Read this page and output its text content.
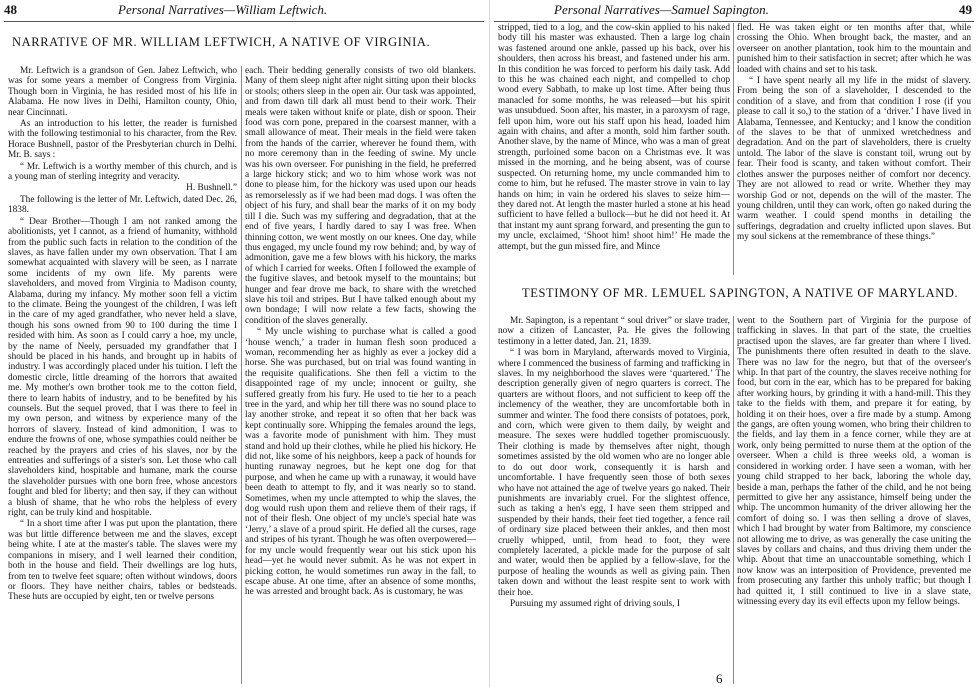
48	Personal Narratives—William Leftwich.
NARRATIVE OF MR. WILLIAM LEFTWICH, A NATIVE OF VIRGINIA.

Mr. Leftwich is a grandson of Gen. Jabez Leftwich, who was for some years a member of Congress from Virginia. Though born in Virginia, he has resided most of his life in Alabama. He now lives in Delhi, Hamilton county, Ohio, near Cincinnati.

As an introduction to his letter, the reader is furnished with the following testimonial to his character, from the Rev. Horace Bushnell, pastor of the Presbyterian church in Delhi. Mr. B. says :

“ Mr. Leftwich is a worthy member of this church, and is a young man of sterling integrity and veracity.

H. Bushnell.”

The following is the letter of Mr. Leftwich, dated Dec. 26, 1838.

“ Dear Brother—Though I am not ranked among the abolitionists, yet I cannot, as a friend of humanity, withhold from the public such facts in relation to the condition of the slaves, as have fallen under my own observation. That I am somewhat acquainted with slavery will be seen, as I narrate some incidents of my own life. My parents were slaveholders, and moved from Virginia to Madison county, Alabama, during my infancy. My mother soon fell a victim to the climate. Being the youngest of the children, I was left in the care of my aged grandfather, who never held a slave, though his sons owned from 90 to 100 during the time I resided with him. As soon as I could carry a hoe, my uncle, by the name of Neely, persuaded my grandfather that I should be placed in his hands, and brought up in habits of industry. I was accordingly placed under his tuition. I left the domestic circle, little dreaming of the horrors that awaited me. My mother's own brother took me to the cotton field, there to learn habits of industry, and to be benefited by his counsels. But the sequel proved, that I was there to feel in my own person, and witness by experience many of the horrors of slavery. Instead of kind admonition, I was to endure the frowns of one, whose sympathies could neither be reached by the prayers and cries of his slaves, nor by the entreaties and sufferings of a sister's son. Let those who call slaveholders kind, hospitable and humane, mark the course the slaveholder pursues with one born free, whose ancestors fought and bled for liberty; and then say, if they can without a blush of shame, that he who robs the helpless of every right, can be truly kind and hospitable.

“ In a short time after I was put upon the plantation, there was but little difference between me and the slaves, except being white. I ate at the master's table. The slaves were my companions in misery, and I well learned their condition, both in the house and field. Their dwellings are log huts, from ten to twelve feet square; often without windows, doors or floors. They have neither chairs, tables or bedsteads. These huts are occupied by eight, ten or twelve persons

each. Their bedding generally consists of two old blankets. Many of them sleep night after night sitting upon their blocks or stools; others sleep in the open air. Our task was appointed, and from dawn till dark all must bend to their work. Their meals were taken without knife or plate, dish or spoon. Their food was corn pone, prepared in the coarsest manner, with a small allowance of meat. Their meals in the field were taken from the hands of the carrier, wherever he found them, with no more ceremony than in the feeding of swine. My uncle was his own overseer. For punishing in the field, he preferred a large hickory stick; and wo to him whose work was not done to please him, for the hickory was used upon our heads as remorselessly as if we had been mad dogs. I was often the object of his fury, and shall bear the marks of it on my body till I die. Such was my suffering and degradation, that at the end of five years, I hardly dared to say I was free. When thinning cotton, we went mostly on our knees. One day, while thus engaged, my uncle found my row behind; and, by way of admonition, gave me a few blows with his hickory, the marks of which I carried for weeks. Often I followed the example of the fugitive slaves, and betook myself to the mountains; but hunger and fear drove me back, to share with the wretched slave his toil and stripes. But I have talked enough about my own bondage; I will now relate a few facts, showing the condition of the slaves generally.

“ My uncle wishing to purchase what is called a good ‘house wench,’ a trader in human flesh soon produced a woman, recommending her as highly as ever a jockey did a horse. She was purchased, but on trial was found wanting in the requisite qualifications. She then fell a victim to the disappointed rage of my uncle; innocent or guilty, she suffered greatly from his fury. He used to tie her to a peach tree in the yard, and whip her till there was no sound place to lay another stroke, and repeat it so often that her back was kept continually sore. Whipping the females around the legs, was a favorite mode of punishment with him. They must stand and hold up their clothes, while he plied his hickory. He did not, like some of his neighbors, keep a pack of hounds for hunting runaway negroes, but he kept one dog for that purpose, and when he came up with a runaway, it would have been death to attempt to fly, and it was nearly so to stand. Sometimes, when my uncle attempted to whip the slaves, the dog would rush upon them and relieve them of their rags, if not of their flesh. One object of my uncle's special hate was ‘Jerry,’ a slave of a proud spirit. He defied all the curses, rage and stripes of his tyrant. Though he was often overpowered—for my uncle would frequently wear out his stick upon his head—yet he would never submit. As he was not expert in picking cotton, he would sometimes run away in the fall, to escape abuse. At one time, after an absence of some months, he was arrested and brought back. As is customary, he was

Personal Narratives—Samuel Sapington.	49

stripped, tied to a log, and the cow-skin applied to his naked body till his master was exhausted. Then a large log chain was fastened around one ankle, passed up his back, over his shoulders, then across his breast, and fastened under his arm. In this condition he was forced to perform his daily task. Add to this he was chained each night, and compelled to chop wood every Sabbath, to make up lost time. After being thus manacled for some months, he was released—but his spirit was unsubdued. Soon after, his master, in a paroxysm of rage, fell upon him, wore out his staff upon his head, loaded him again with chains, and after a month, sold him farther south. Another slave, by the name of Mince, who was a man of great strength, purloined some bacon on a Christmas eve. It was missed in the morning, and he being absent, was of course suspected. On returning home, my uncle commanded him to come to him, but he refused. The master strove in vain to lay hands on him; in vain he ordered his slaves to seize him—they dared not. At length the master hurled a stone at his head sufficient to have felled a bullock—but he did not heed it. At that instant my aunt sprang forward, and presenting the gun to my uncle, exclaimed, ‘Shoot him! shoot him!’ He made the attempt, but the gun missed fire, and Mince

fled. He was taken eight or ten months after that, while crossing the Ohio. When brought back, the master, and an overseer on another plantation, took him to the mountain and punished him to their satisfaction in secret; after which he was loaded with chains and set to his task.

“ I have spent nearly all my life in the midst of slavery. From being the son of a slaveholder, I descended to the condition of a slave, and from that condition I rose (if you please to call it so,) to the station of a ‘driver.’ I have lived in Alabama, Tennessee, and Kentucky; and I know the condition of the slaves to be that of unmixed wretchedness and degradation. And on the part of slaveholders, there is cruelty untold. The labor of the slave is constant toil, wrung out by fear. Their food is scanty, and taken without comfort. Their clothes answer the purposes neither of comfort nor decency. They are not allowed to read or write. Whether they may worship God or not, depends on the will of the master. The young children, until they can work, often go naked during the warm weather. I could spend months in detailing the sufferings, degradation and cruelty inflicted upon slaves. But my soul sickens at the remembrance of these things.”

TESTIMONY OF MR. LEMUEL SAPINGTON, A NATIVE OF MARYLAND.

Mr. Sapington, is a repentant “ soul driver” or slave trader, now a citizen of Lancaster, Pa. He gives the following testimony in a letter dated, Jan. 21, 1839.

“ I was born in Maryland, afterwards moved to Virginia, where I commenced the business of farming and trafficking in slaves. In my neighborhood the slaves were ‘quartered.’ The description generally given of negro quarters is correct. The quarters are without floors, and not sufficient to keep off the inclemency of the weather, they are uncomfortable both in summer and winter. The food there consists of potatoes, pork, and corn, which were given to them daily, by weight and measure. The sexes were huddled together promiscuously. Their clothing is made by themselves after night, though sometimes assisted by the old women who are no longer able to do out door work, consequently it is harsh and uncomfortable. I have frequently seen those of both sexes who have not attained the age of twelve years go naked. Their punishments are invariably cruel. For the slightest offence, such as taking a hen's egg, I have seen them stripped and suspended by their hands, their feet tied together, a fence rail of ordinary size placed between their ankles, and then most cruelly whipped, until, from head to foot, they were completely lacerated, a pickle made for the purpose of salt and water, would then be applied by a fellow-slave, for the purpose of healing the wounds as well as giving pain. Then taken down and without the least respite sent to work with their hoe.

Pursuing my assumed right of driving souls, I

went to the Southern part of Virginia for the purpose of trafficking in slaves. In that part of the state, the cruelties practised upon the slaves, are far greater than where I lived. The punishments there often resulted in death to the slave. There was no law for the negro, but that of the overseer's whip. In that part of the country, the slaves receive nothing for food, but corn in the ear, which has to be prepared for baking after working hours, by grinding it with a hand-mill. This they take to the fields with them, and prepare it for eating, by holding it on their hoes, over a fire made by a stump. Among the gangs, are often young women, who bring their children to the fields, and lay them in a fence corner, while they are at work, only being permitted to nurse them at the option of the overseer. When a child is three weeks old, a woman is considered in working order. I have seen a woman, with her young child strapped to her back, laboring the whole day, beside a man, perhaps the father of the child, and he not being permitted to give her any assistance, himself being under the whip. The uncommon humanity of the driver allowing her the comfort of doing so. I was then selling a drove of slaves, which I had brought by water from Baltimore, my conscience not allowing me to drive, as was generally the case uniting the slaves by collars and chains, and thus driving them under the whip. About that time an unaccountable something, which I now know was an interposition of Providence, prevented me from prosecuting any farther this unholy traffic; but though I had quitted it, I still continued to live in a slave state, witnessing every day its evil effects upon my fellow beings.

6
